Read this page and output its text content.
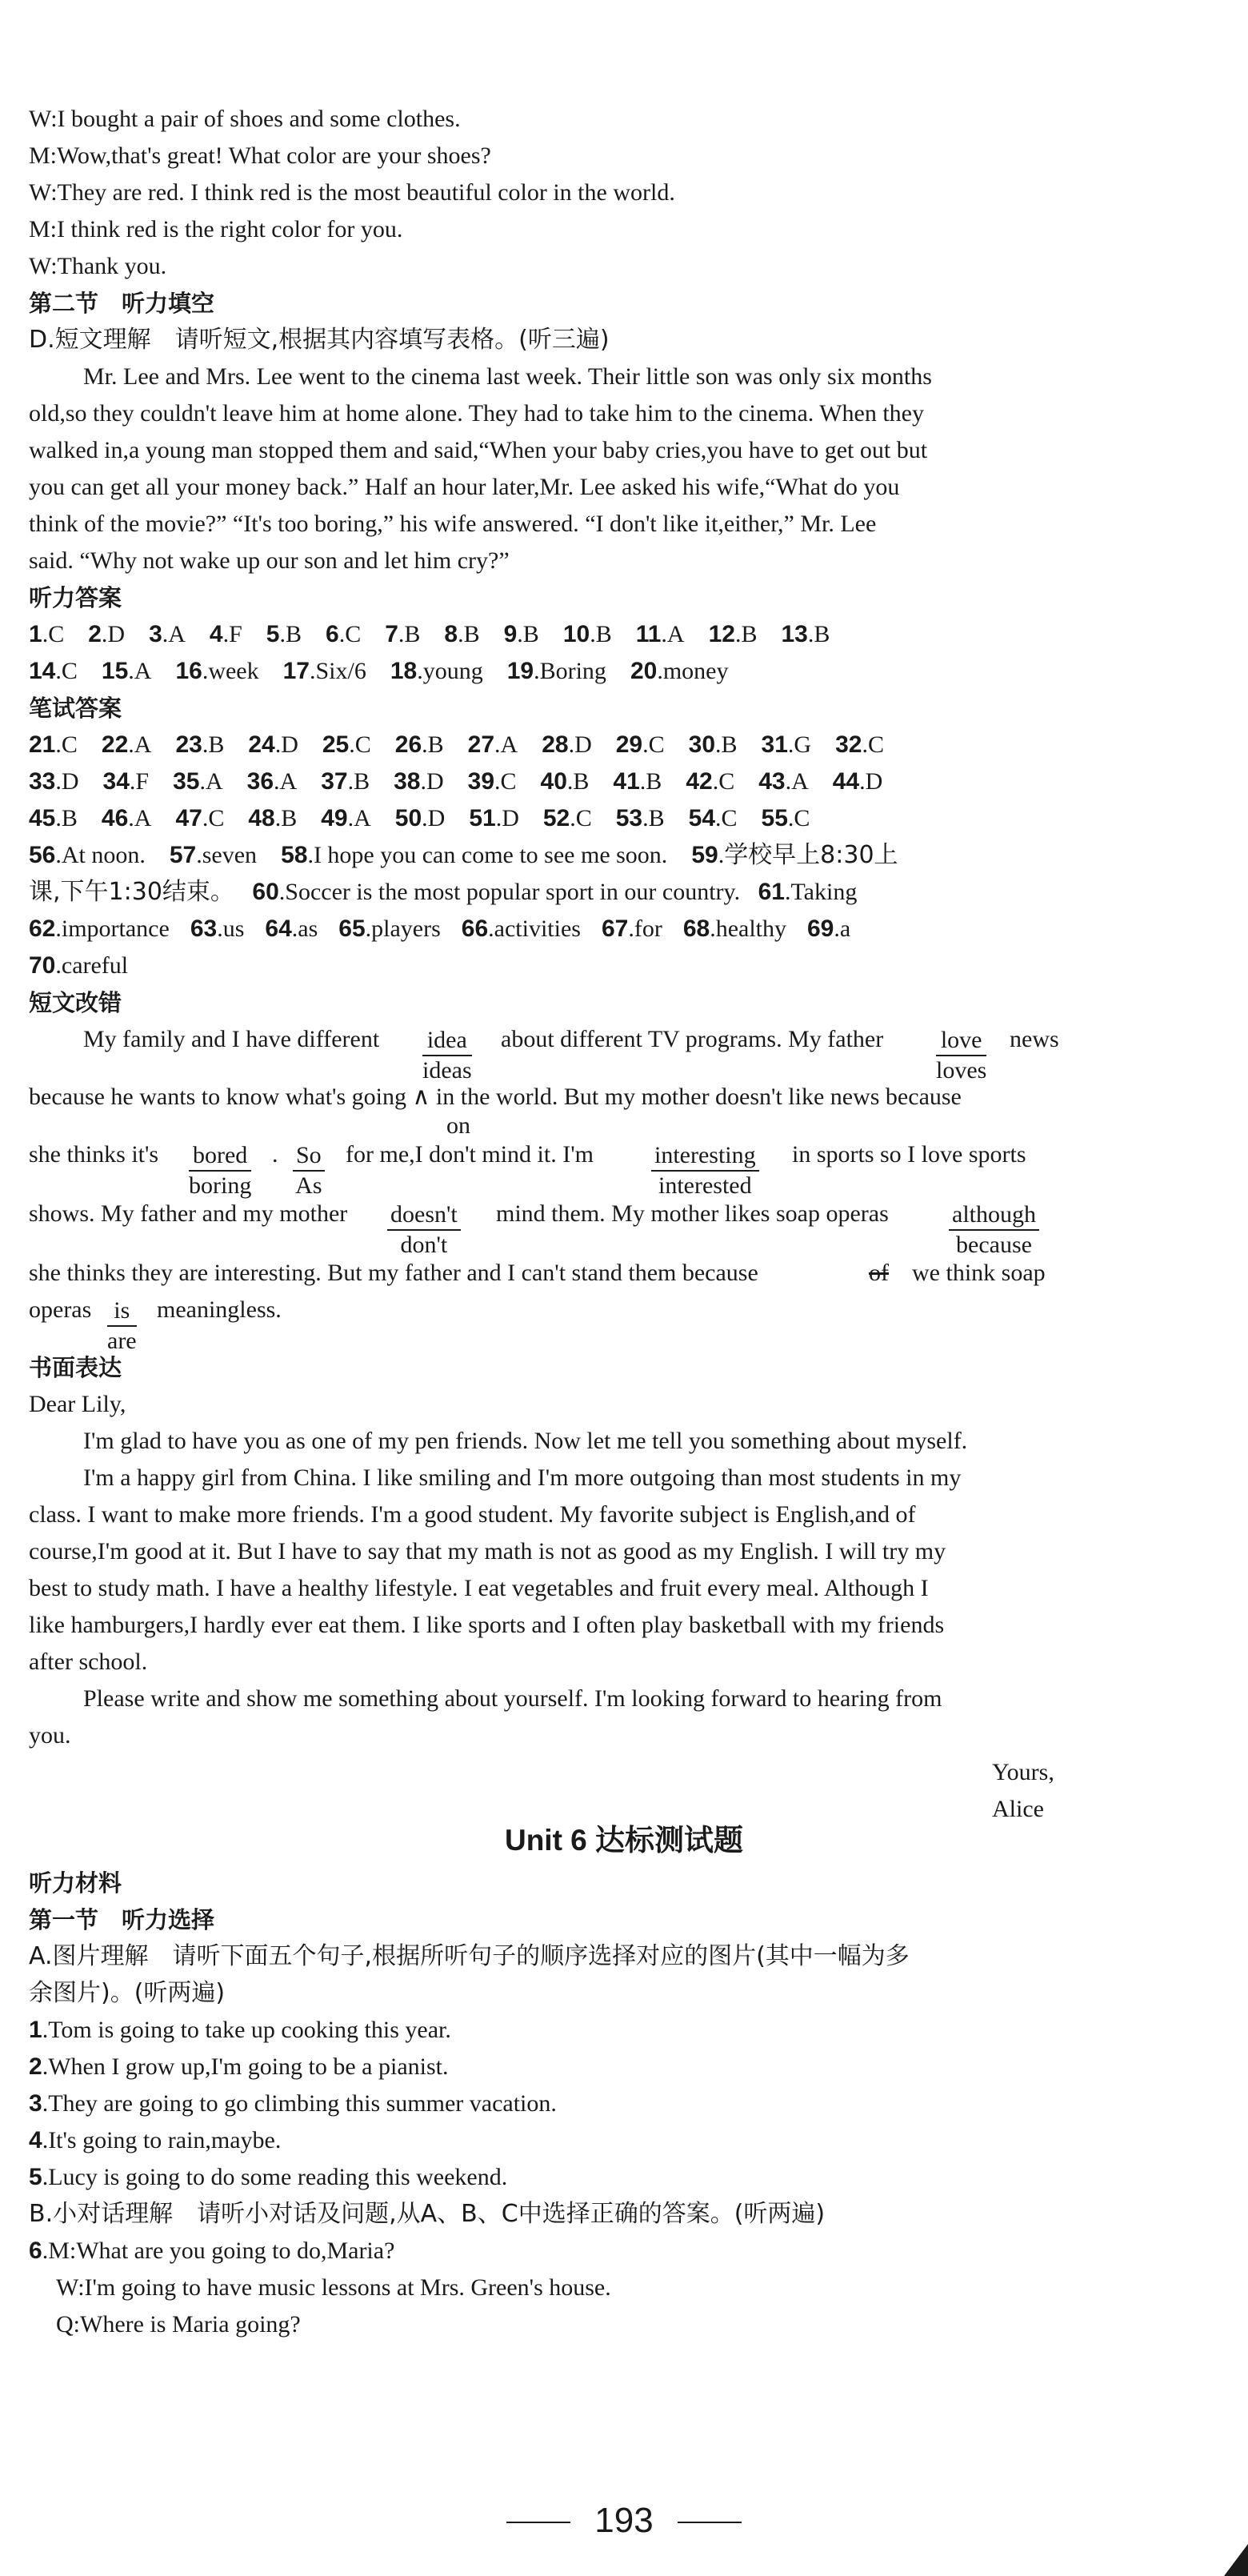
W:I bought a pair of shoes and some clothes.
M:Wow,that's great! What color are your shoes?
W:They are red. I think red is the most beautiful color in the world.
M:I think red is the right color for you.
W:Thank you.
第二节　听力填空
D.短文理解　请听短文,根据其内容填写表格。(听三遍)
Mr. Lee and Mrs. Lee went to the cinema last week. Their little son was only six months
old,so they couldn't leave him at home alone. They had to take him to the cinema. When they
walked in,a young man stopped them and said,“When your baby cries,you have to get out but
you can get all your money back.” Half an hour later,Mr. Lee asked his wife,“What do you
think of the movie?” “It's too boring,” his wife answered. “I don't like it,either,” Mr. Lee
said. “Why not wake up our son and let him cry?”
听力答案
1.C 2.D 3.A 4.F 5.B 6.C 7.B 8.B 9.B 10.B 11.A 12.B 13.B
14.C 15.A 16.week 17.Six/6 18.young 19.Boring 20.money
笔试答案
21.C 22.A 23.B 24.D 25.C 26.B 27.A 28.D 29.C 30.B 31.G 32.C
33.D 34.F 35.A 36.A 37.B 38.D 39.C 40.B 41.B 42.C 43.A 44.D
45.B 46.A 47.C 48.B 49.A 50.D 51.D 52.C 53.B 54.C 55.C
56.At noon. 57.seven 58.I hope you can come to see me soon. 59.学校早上8:30上
课,下午1:30结束。 60.Soccer is the most popular sport in our country. 61.Taking
62.importance 63.us 64.as 65.players 66.activities 67.for 68.healthy 69.a
70.careful
短文改错
My family and I have different	idea
ideas
about different TV programs. My father	love
loves
news
because he wants to know what's going ∧ in the world. But my mother doesn't like news because
on
she thinks it's	bored
boring
. So
As
for me,I don't mind it. I'm	interesting
interested
in sports so I love sports
shows. My father and my mother	doesn't
don't
mind them. My mother likes soap operas	although
because
she thinks they are interesting. But my father and I can't stand them because	of we think soap
operas is
are
meaningless.
书面表达
Dear Lily,
I'm glad to have you as one of my pen friends. Now let me tell you something about myself.
I'm a happy girl from China. I like smiling and I'm more outgoing than most students in my
class. I want to make more friends. I'm a good student. My favorite subject is English,and of
course,I'm good at it. But I have to say that my math is not as good as my English. I will try my
best to study math. I have a healthy lifestyle. I eat vegetables and fruit every meal. Although I
like hamburgers,I hardly ever eat them. I like sports and I often play basketball with my friends
after school.
Please write and show me something about yourself. I'm looking forward to hearing from
you.
Yours,
Alice
Unit 6 达标测试题
听力材料
第一节　听力选择
A.图片理解　请听下面五个句子,根据所听句子的顺序选择对应的图片(其中一幅为多
余图片)。(听两遍)
1.Tom is going to take up cooking this year.
2.When I grow up,I'm going to be a pianist.
3.They are going to go climbing this summer vacation.
4.It's going to rain,maybe.
5.Lucy is going to do some reading this weekend.
B.小对话理解　请听小对话及问题,从A、B、C中选择正确的答案。(听两遍)
6.M:What are you going to do,Maria?
W:I'm going to have music lessons at Mrs. Green's house.
Q:Where is Maria going?
193
